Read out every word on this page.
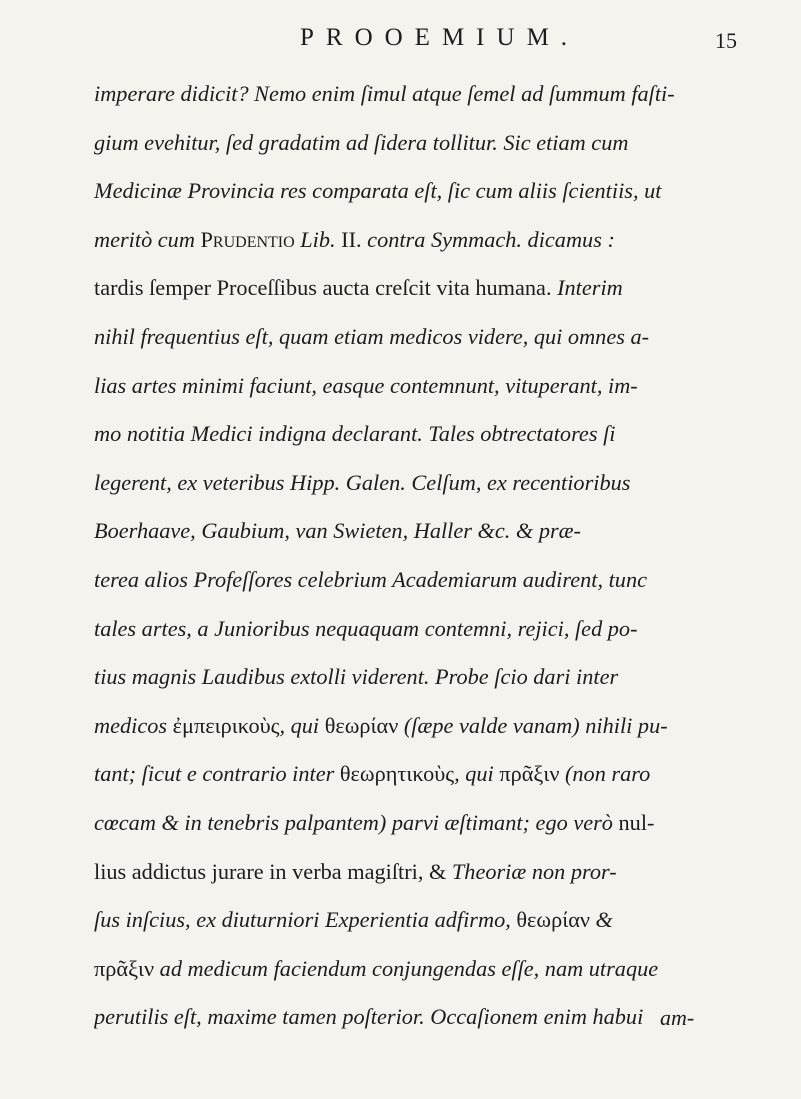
PROOEMIUM.	15
imperare didicit? Nemo enim ſimul atque ſemel ad ſummum faſti-
gium evehitur, ſed gradatim ad ſidera tollitur. Sic etiam cum
Medicinæ Provincia res comparata eſt, ſic cum aliis ſcientiis, ut
meritò cum Prudentio Lib. II. contra Symmach. dicamus :
tardis ſemper Proceſſibus aucta creſcit vita humana. Interim
nihil frequentius eſt, quam etiam medicos videre, qui omnes a-
lias artes minimi faciunt, easque contemnunt, vituperant, im-
mo notitia Medici indigna declarant. Tales obtrectatores ſi
legerent, ex veteribus Hipp. Galen. Celſum, ex recentioribus
Boerhaave, Gaubium, van Swieten, Haller &c. & præ-
terea alios Profeſſores celebrium Academiarum audirent, tunc
tales artes, a Junioribus nequaquam contemni, rejici, ſed po-
tius magnis Laudibus extolli viderent. Probe ſcio dari inter
medicos ἐμπειρικοὺς, qui θεωρίαν (ſæpe valde vanam) nihili pu-
tant; ſicut e contrario inter θεωρητικοὺς, qui πρᾶξιν (non raro
cœcam & in tenebris palpantem) parvi æſtimant; ego verò nul-
lius addictus jurare in verba magiſtri, & Theoriæ non pror-
ſus inſcius, ex diuturniori Experientia adfirmo, θεωρίαν &
πρᾶξιν ad medicum faciendum conjungendas eſſe, nam utraque
perutilis eſt, maxime tamen poſterior. Occaſionem enim habui am-
